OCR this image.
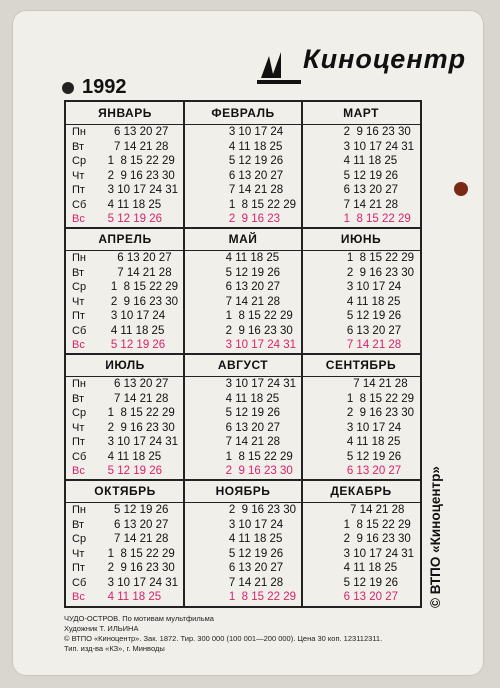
1992
Киноцентр
ЯНВАРЬ
Пн
Вт
Ср
Чт
Пт
Сб
Вс
6 13 20 27
7 14 21 28
1  8 15 22 29
2  9 16 23 30
3 10 17 24 31
4 11 18 25
5 12 19 26
ФЕВРАЛЬ
3 10 17 24
4 11 18 25
5 12 19 26
6 13 20 27
7 14 21 28
1  8 15 22 29
2  9 16 23
МАРТ
2  9 16 23 30
3 10 17 24 31
4 11 18 25
5 12 19 26
6 13 20 27
7 14 21 28
1  8 15 22 29
АПРЕЛЬ
Пн
Вт
Ср
Чт
Пт
Сб
Вс
6 13 20 27
7 14 21 28
1  8 15 22 29
2  9 16 23 30
3 10 17 24
4 11 18 25
5 12 19 26
МАЙ
4 11 18 25
5 12 19 26
6 13 20 27
7 14 21 28
1  8 15 22 29
2  9 16 23 30
3 10 17 24 31
ИЮНЬ
1  8 15 22 29
2  9 16 23 30
3 10 17 24
4 11 18 25
5 12 19 26
6 13 20 27
7 14 21 28
ИЮЛЬ
Пн
Вт
Ср
Чт
Пт
Сб
Вс
6 13 20 27
7 14 21 28
1  8 15 22 29
2  9 16 23 30
3 10 17 24 31
4 11 18 25
5 12 19 26
АВГУСТ
3 10 17 24 31
4 11 18 25
5 12 19 26
6 13 20 27
7 14 21 28
1  8 15 22 29
2  9 16 23 30
СЕНТЯБРЬ
7 14 21 28
1  8 15 22 29
2  9 16 23 30
3 10 17 24
4 11 18 25
5 12 19 26
6 13 20 27
ОКТЯБРЬ
Пн
Вт
Ср
Чт
Пт
Сб
Вс
5 12 19 26
6 13 20 27
7 14 21 28
1  8 15 22 29
2  9 16 23 30
3 10 17 24 31
4 11 18 25
НОЯБРЬ
2  9 16 23 30
3 10 17 24
4 11 18 25
5 12 19 26
6 13 20 27
7 14 21 28
1  8 15 22 29
ДЕКАБРЬ
7 14 21 28
1  8 15 22 29
2  9 16 23 30
3 10 17 24 31
4 11 18 25
5 12 19 26
6 13 20 27	© ВТПО «Киноцентр»
ЧУДО-ОСТРОВ. По мотивам мультфильма
Художник Т. ИЛЬИНА
© ВТПО «Киноцентр». Зак. 1872. Тир. 300 000 (100 001—200 000). Цена 30 коп. 123112311.
Тип. изд-ва «КЗ», г. Минводы
